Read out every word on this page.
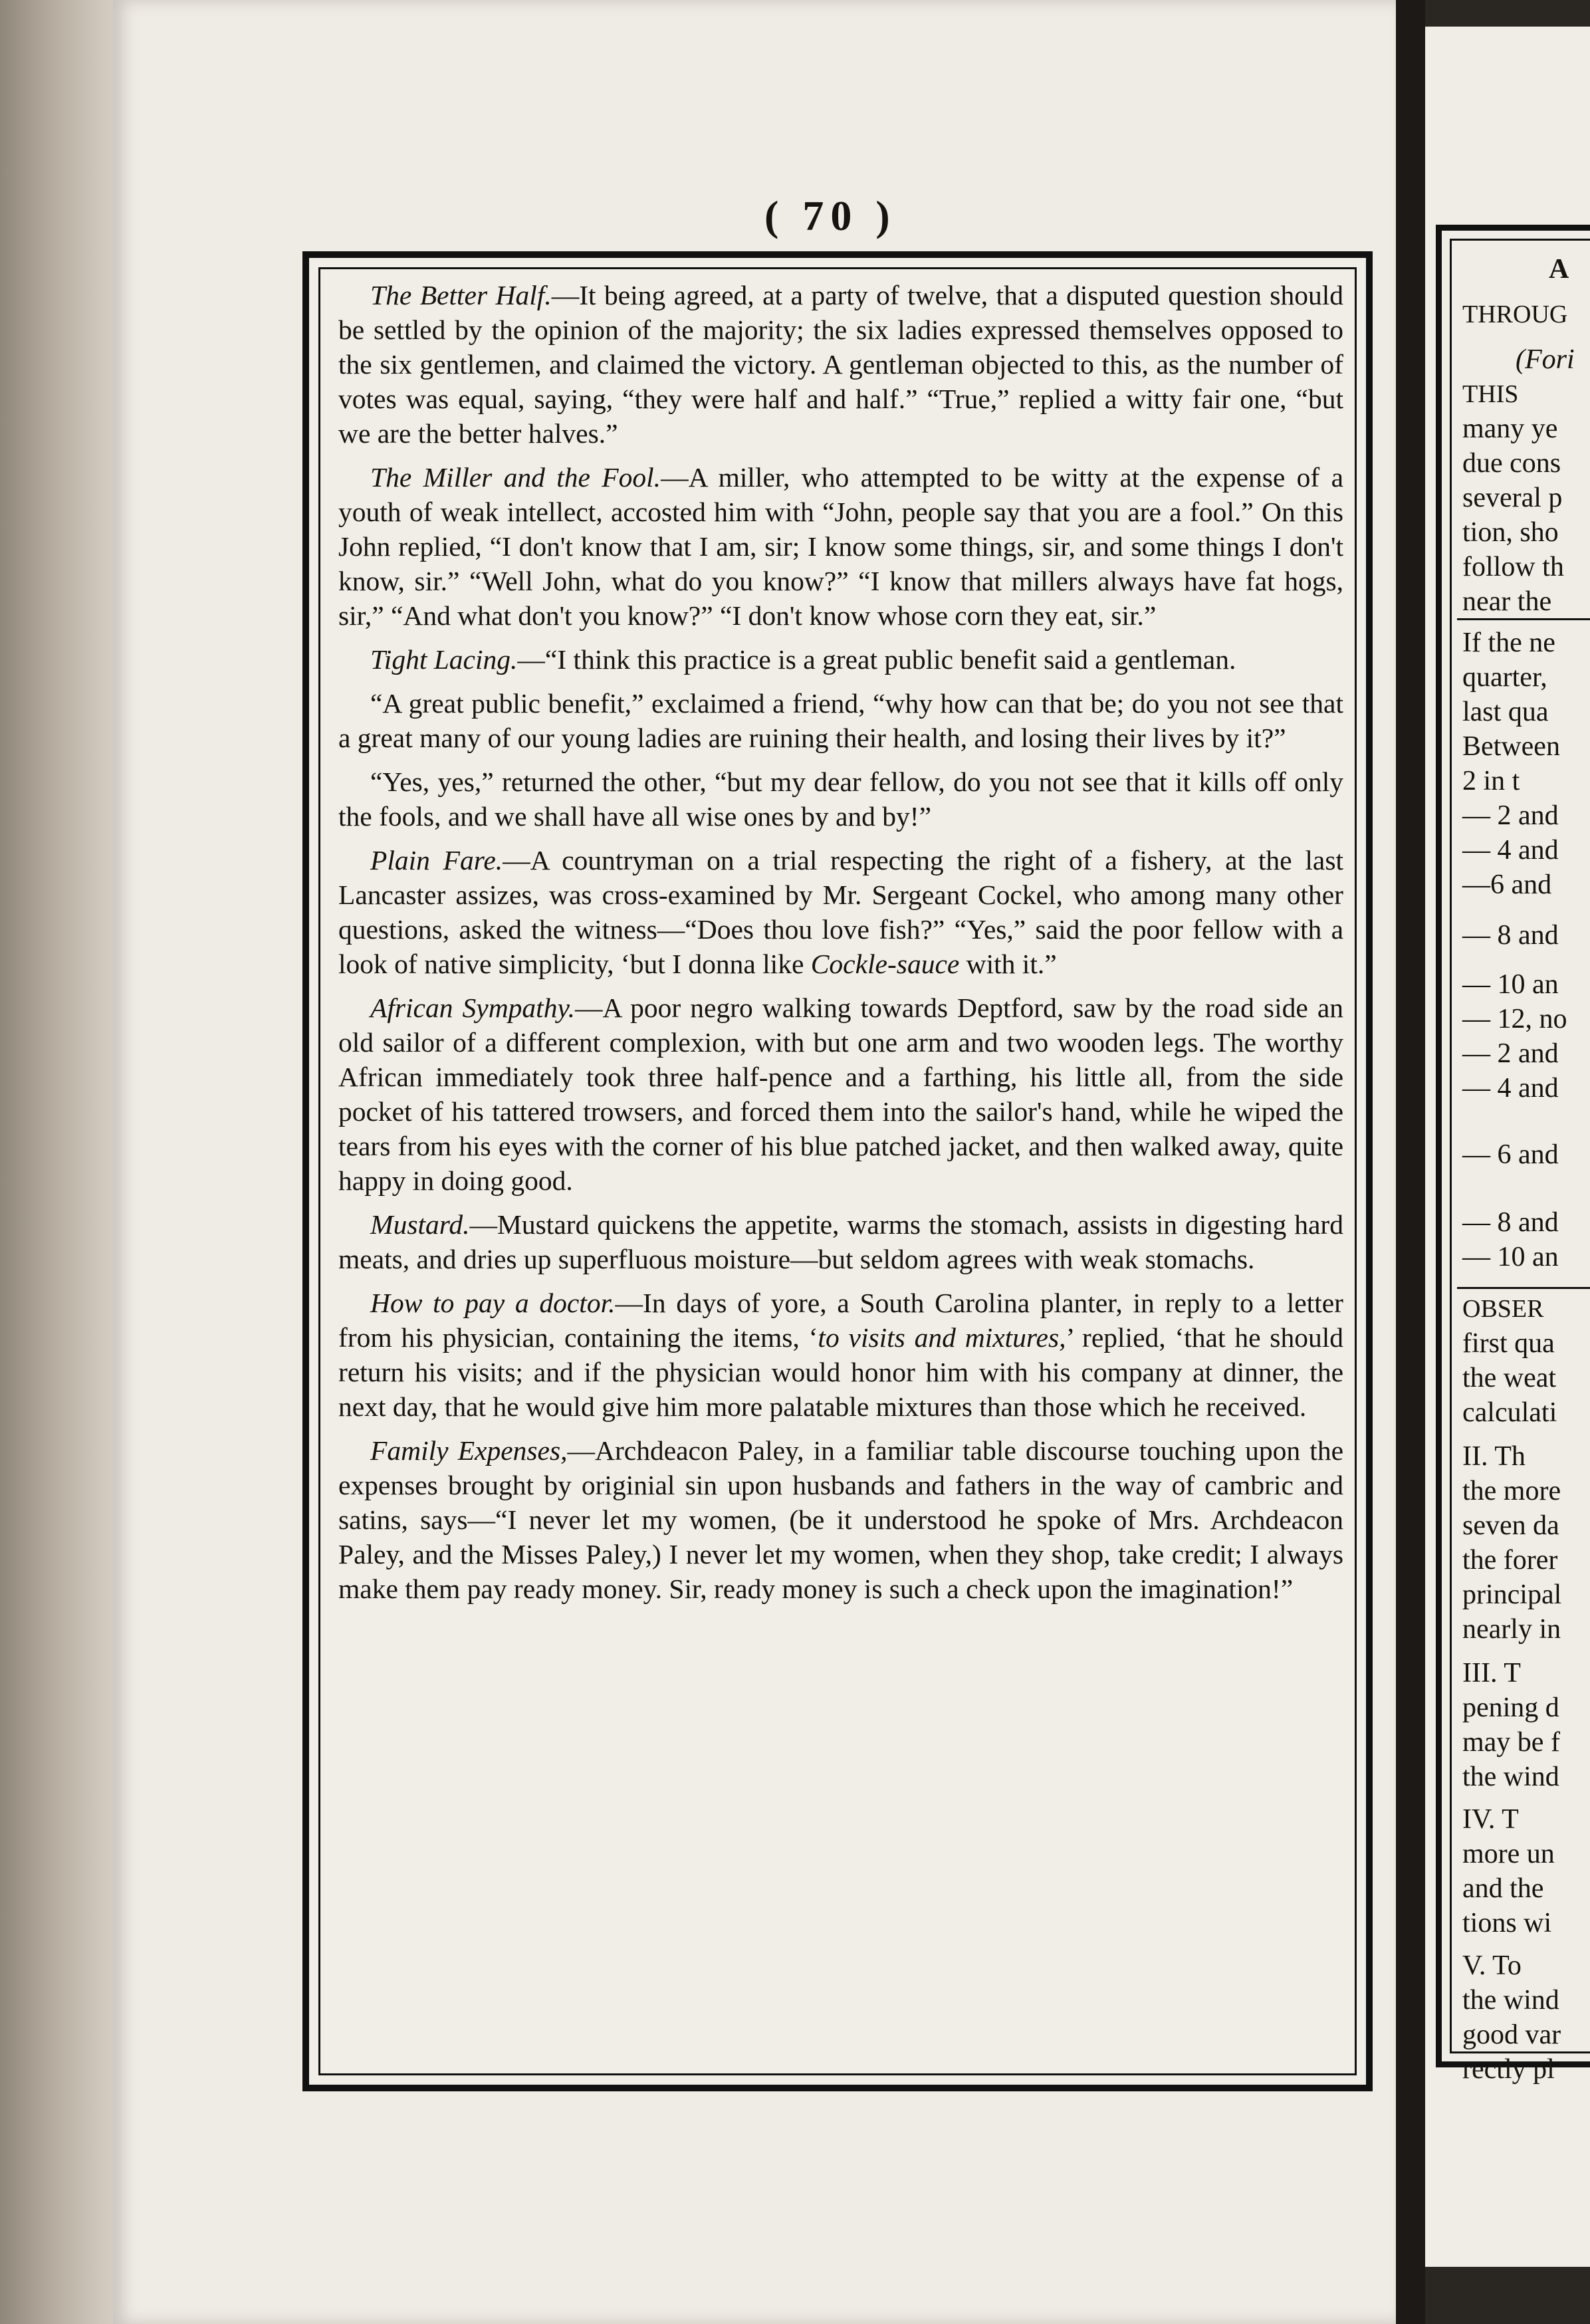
( 70 )

The Better Half.—It being agreed, at a party of twelve, that a disputed question should be settled by the opinion of the majority; the six ladies expressed themselves opposed to the six gentlemen, and claimed the victory. A gentleman objected to this, as the number of votes was equal, saying, “they were half and half.” “True,” replied a witty fair one, “but we are the better halves.”

The Miller and the Fool.—A miller, who attempted to be witty at the expense of a youth of weak intellect, accosted him with “John, people say that you are a fool.” On this John replied, “I don't know that I am, sir; I know some things, sir, and some things I don't know, sir.” “Well John, what do you know?” “I know that millers always have fat hogs, sir,” “And what don't you know?” “I don't know whose corn they eat, sir.”

Tight Lacing.—“I think this practice is a great public benefit said a gentleman.

“A great public benefit,” exclaimed a friend, “why how can that be; do you not see that a great many of our young ladies are ruining their health, and losing their lives by it?”

“Yes, yes,” returned the other, “but my dear fellow, do you not see that it kills off only the fools, and we shall have all wise ones by and by!”

Plain Fare.—A countryman on a trial respecting the right of a fishery, at the last Lancaster assizes, was cross-examined by Mr. Sergeant Cockel, who among many other questions, asked the witness—“Does thou love fish?” “Yes,” said the poor fellow with a look of native simplicity, ‘but I donna like Cockle-sauce with it.”

African Sympathy.—A poor negro walking towards Deptford, saw by the road side an old sailor of a different complexion, with but one arm and two wooden legs. The worthy African immediately took three half-pence and a farthing, his little all, from the side pocket of his tattered trowsers, and forced them into the sailor's hand, while he wiped the tears from his eyes with the corner of his blue patched jacket, and then walked away, quite happy in doing good.

Mustard.—Mustard quickens the appetite, warms the stomach, assists in digesting hard meats, and dries up superfluous moisture—but seldom agrees with weak stomachs.

How to pay a doctor.—In days of yore, a South Carolina planter, in reply to a letter from his physician, containing the items, ‘to visits and mixtures,’ replied, ‘that he should return his visits; and if the physician would honor him with his company at dinner, the next day, that he would give him more palatable mixtures than those which he received.

Family Expenses,—Archdeacon Paley, in a familiar table discourse touching upon the expenses brought by originial sin upon husbands and fathers in the way of cambric and satins, says—“I never let my women, (be it understood he spoke of Mrs. Archdeacon Paley, and the Misses Paley,) I never let my women, when they shop, take credit; I always make them pay ready money. Sir, ready money is such a check upon the imagination!”

A

THROUG

(Fori

THIS

many ye

due cons

several p

tion, sho

follow th

near the

If the ne

quarter,

last qua

Between

2 in t

— 2 and

— 4 and

—6 and

— 8 and

— 10 an

— 12, no

— 2 and

— 4 and

— 6 and

— 8 and

— 10 an

OBSER

first qua

the weat

calculati

II. Th

the more

seven da

the forer

principal

nearly in

III. T

pening d

may be f

the wind

IV. T

more un

and the

tions wi

V. To

the wind

good var

rectly pl
